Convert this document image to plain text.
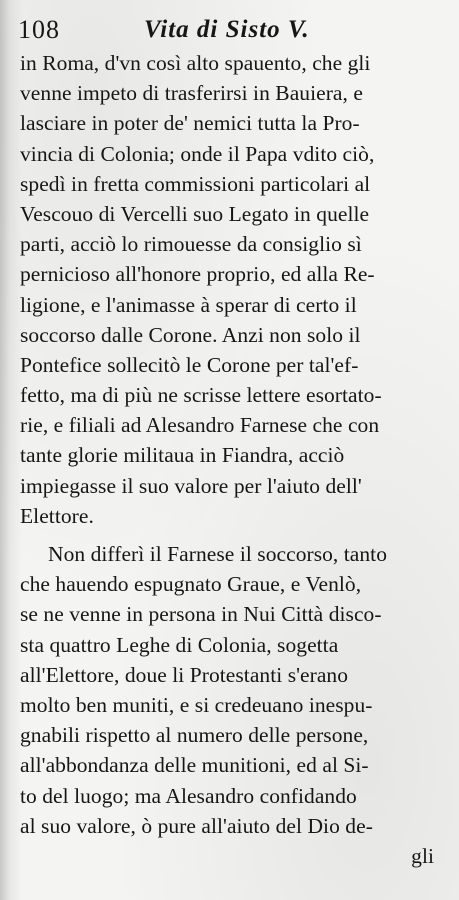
108	Vita di Sisto V.
in Roma, d'vn così alto spauento, che gli
venne impeto di trasferirsi in Bauiera, e
lasciare in poter de' nemici tutta la Pro-
vincia di Colonia; onde il Papa vdito ciò,
spedì in fretta commissioni particolari al
Vescouo di Vercelli suo Legato in quelle
parti, acciò lo rimouesse da consiglio sì
pernicioso all'honore proprio, ed alla Re-
ligione, e l'animasse à sperar di certo il
soccorso dalle Corone. Anzi non solo il
Pontefice sollecitò le Corone per tal'ef-
fetto, ma di più ne scrisse lettere esortato-
rie, e filiali ad Alesandro Farnese che con
tante glorie militaua in Fiandra, acciò
impiegasse il suo valore per l'aiuto dell'
Elettore.
Non differì il Farnese il soccorso, tanto
che hauendo espugnato Graue, e Venlò,
se ne venne in persona in Nui Città disco-
sta quattro Leghe di Colonia, sogetta
all'Elettore, doue li Protestanti s'erano
molto ben muniti, e si credeuano inespu-
gnabili rispetto al numero delle persone,
all'abbondanza delle munitioni, ed al Si-
to del luogo; ma Alesandro confidando
al suo valore, ò pure all'aiuto del Dio de-
gli
